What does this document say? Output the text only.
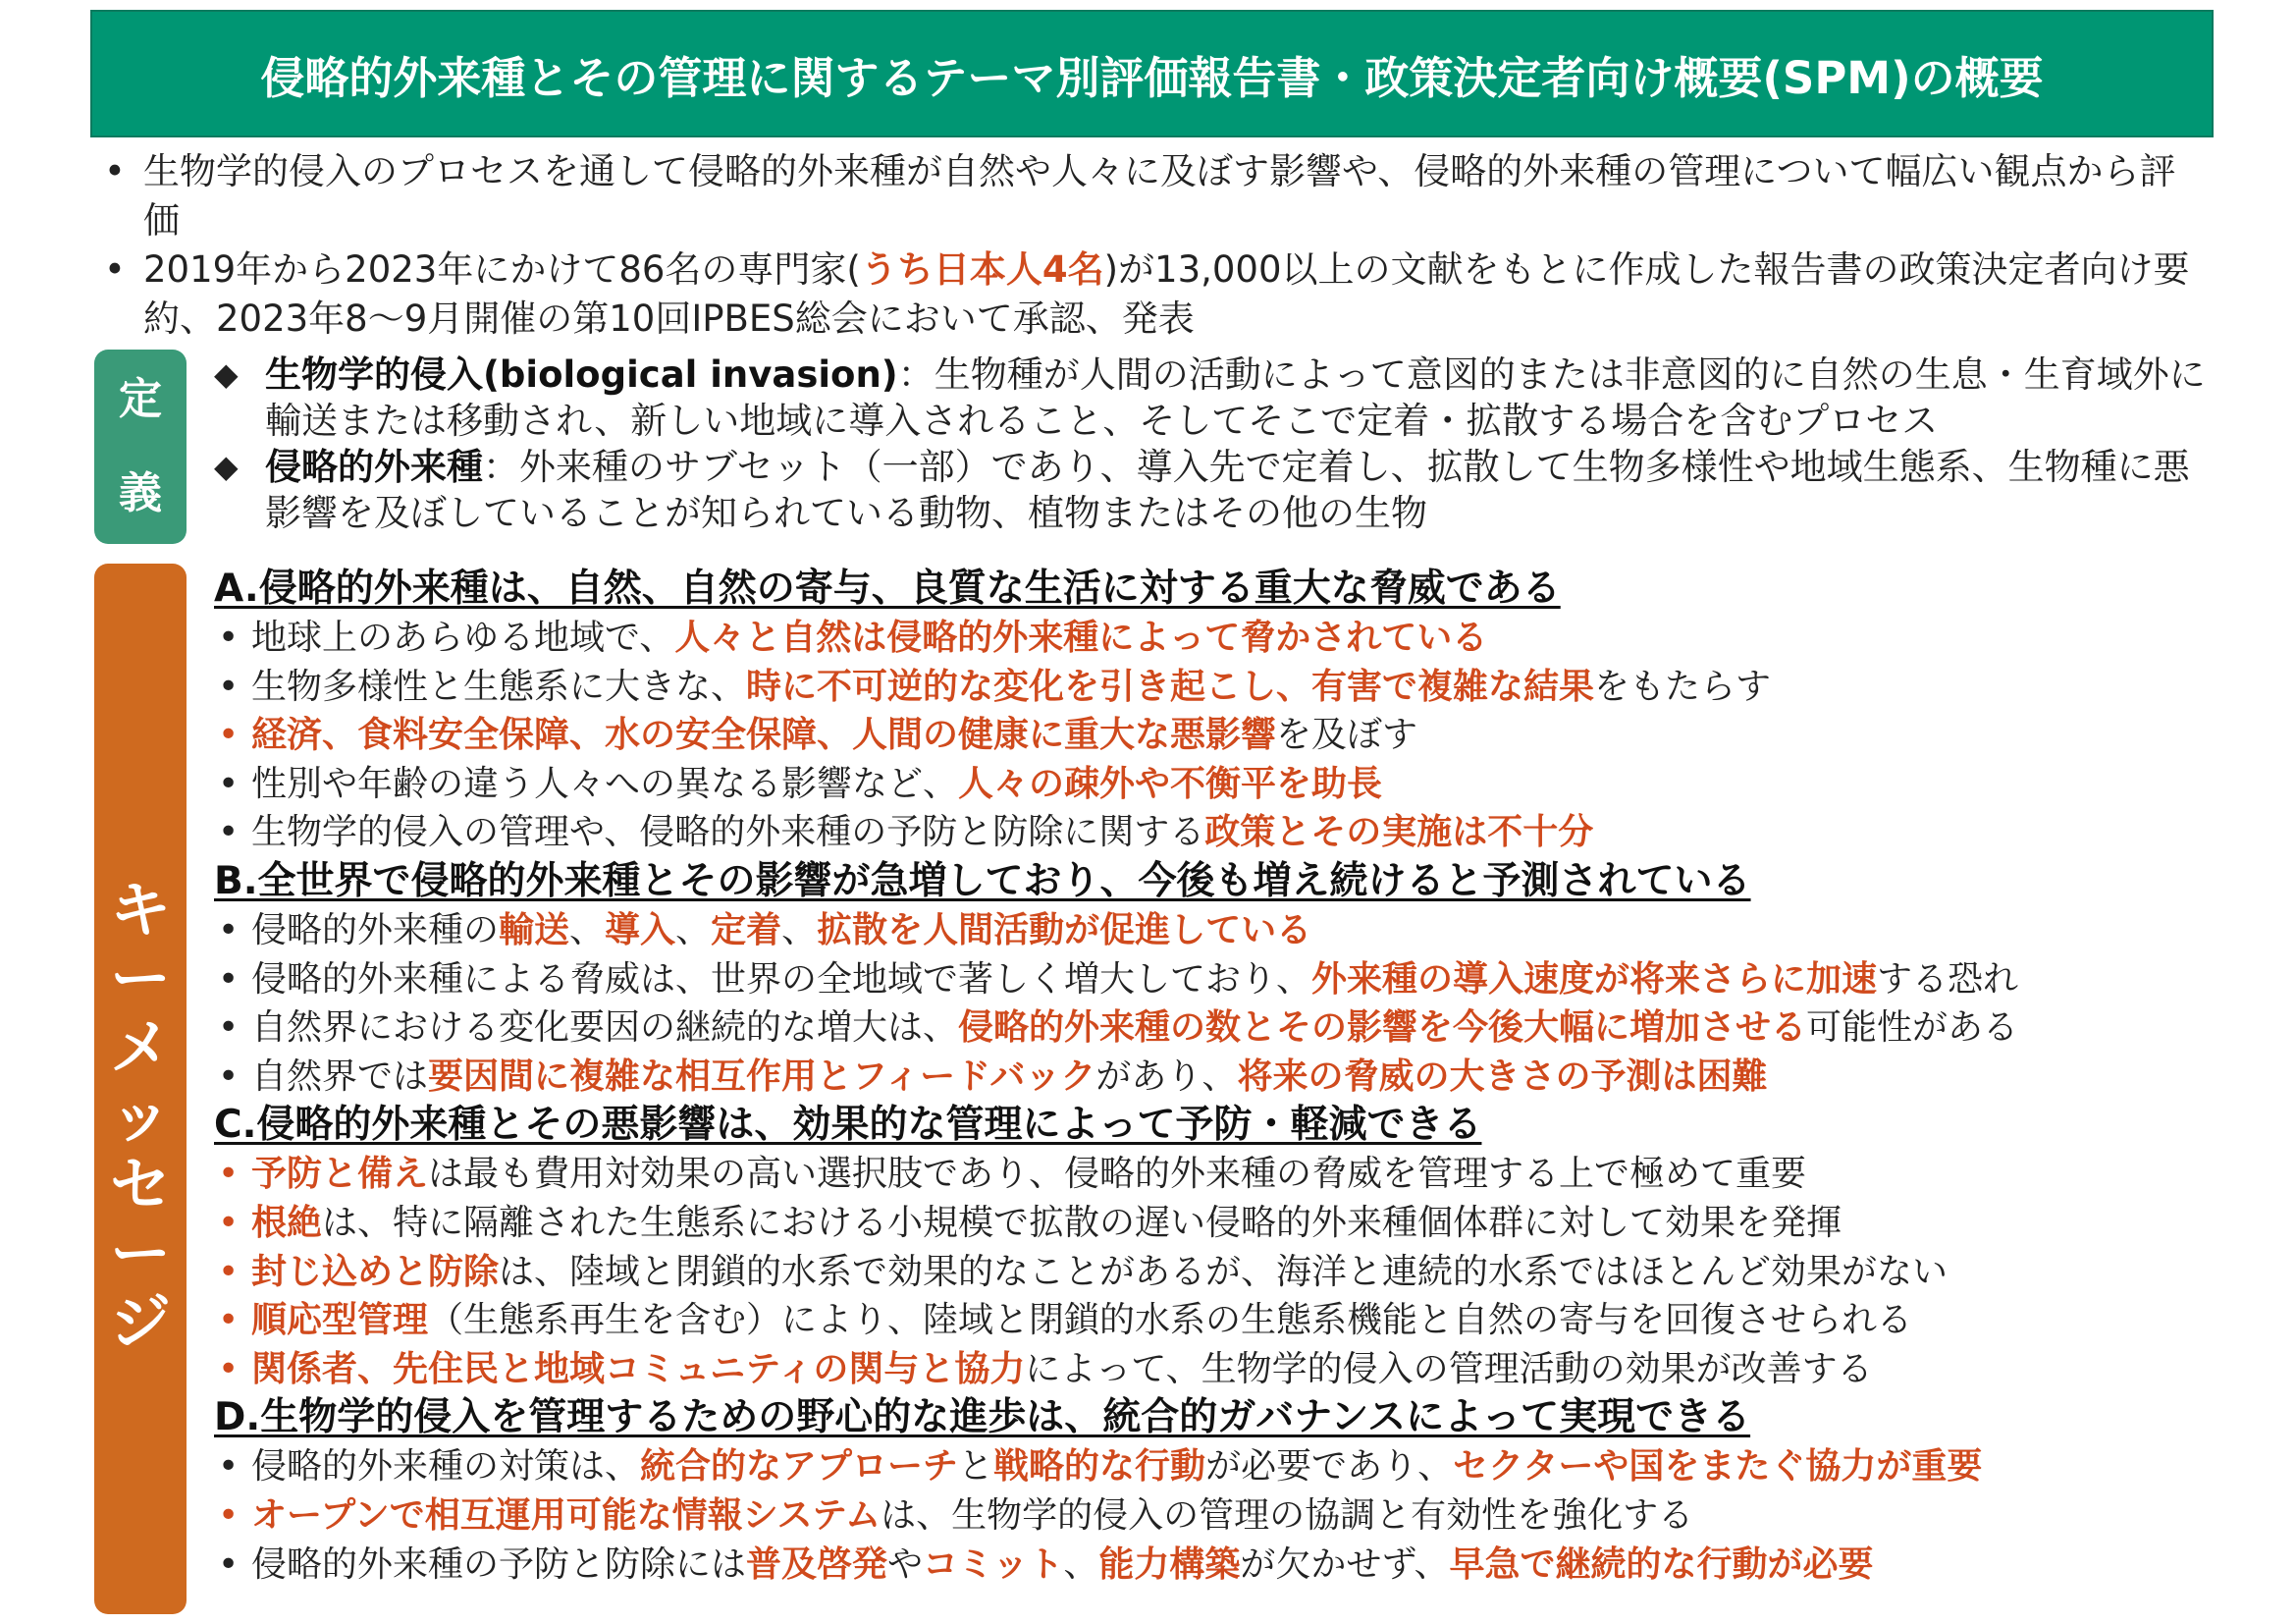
侵略的外来種とその管理に関するテーマ別評価報告書・政策決定者向け概要(SPM)の概要
• 生物学的侵入のプロセスを通して侵略的外来種が自然や人々に及ぼす影響や、侵略的外来種の管理について幅広い観点から評価
• 2019年から2023年にかけて86名の専門家(うち日本人4名)が13,000以上の文献をもとに作成した報告書の政策決定者向け要約、2023年8～9月開催の第10回IPBES総会において承認、発表
定
義
◆ 生物学的侵入(biological invasion)：生物種が人間の活動によって意図的または非意図的に自然の生息・生育域外に輸送または移動され、新しい地域に導入されること、そしてそこで定着・拡散する場合を含むプロセス
◆ 侵略的外来種：外来種のサブセット（一部）であり、導入先で定着し、拡散して生物多様性や地域生態系、生物種に悪影響を及ぼしていることが知られている動物、植物またはその他の生物
キ
ー
メ
ッ
セ
ー
ジ
A.侵略的外来種は、自然、自然の寄与、良質な生活に対する重大な脅威である
• 地球上のあらゆる地域で、人々と自然は侵略的外来種によって脅かされている
• 生物多様性と生態系に大きな、時に不可逆的な変化を引き起こし、有害で複雑な結果をもたらす
• 経済、食料安全保障、水の安全保障、人間の健康に重大な悪影響を及ぼす
• 性別や年齢の違う人々への異なる影響など、人々の疎外や不衡平を助長
• 生物学的侵入の管理や、侵略的外来種の予防と防除に関する政策とその実施は不十分
B.全世界で侵略的外来種とその影響が急増しており、今後も増え続けると予測されている
• 侵略的外来種の輸送、導入、定着、拡散を人間活動が促進している
• 侵略的外来種による脅威は、世界の全地域で著しく増大しており、外来種の導入速度が将来さらに加速する恐れ
• 自然界における変化要因の継続的な増大は、侵略的外来種の数とその影響を今後大幅に増加させる可能性がある
• 自然界では要因間に複雑な相互作用とフィードバックがあり、将来の脅威の大きさの予測は困難
C.侵略的外来種とその悪影響は、効果的な管理によって予防・軽減できる
• 予防と備えは最も費用対効果の高い選択肢であり、侵略的外来種の脅威を管理する上で極めて重要
• 根絶は、特に隔離された生態系における小規模で拡散の遅い侵略的外来種個体群に対して効果を発揮
• 封じ込めと防除は、陸域と閉鎖的水系で効果的なことがあるが、海洋と連続的水系ではほとんど効果がない
• 順応型管理（生態系再生を含む）により、陸域と閉鎖的水系の生態系機能と自然の寄与を回復させられる
• 関係者、先住民と地域コミュニティの関与と協力によって、生物学的侵入の管理活動の効果が改善する
D.生物学的侵入を管理するための野心的な進歩は、統合的ガバナンスによって実現できる
• 侵略的外来種の対策は、統合的なアプローチと戦略的な行動が必要であり、セクターや国をまたぐ協力が重要
• オープンで相互運用可能な情報システムは、生物学的侵入の管理の協調と有効性を強化する
• 侵略的外来種の予防と防除には普及啓発やコミット、能力構築が欠かせず、早急で継続的な行動が必要
